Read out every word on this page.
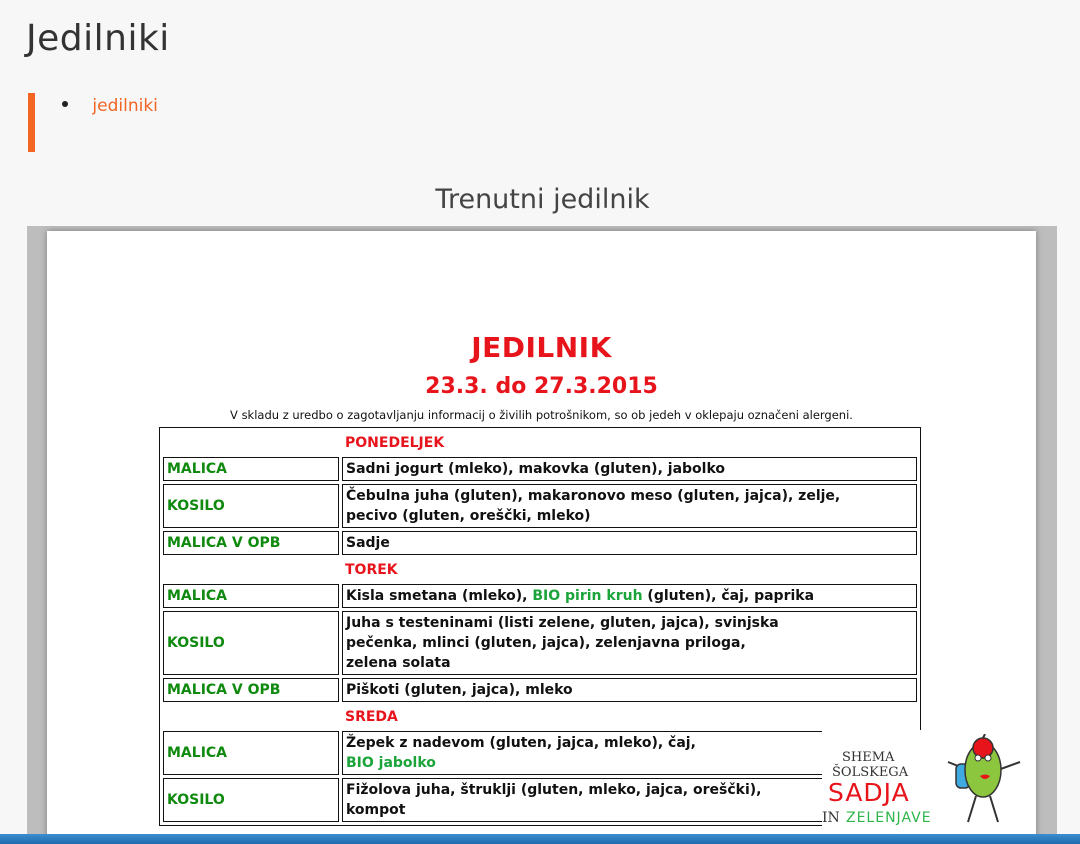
Jedilniki
jedilniki
Trenutni jedilnik

JEDILNIK

23.3. do 27.3.2015

V skladu z uredbo o zagotavljanju informacij o živilih potrošnikom, so ob jedeh v oklepaju označeni alergeni.

	PONEDELJEK
MALICA	Sadni jogurt (mleko), makovka (gluten), jabolko
KOSILO	Čebulna juha (gluten), makaronovo meso (gluten, jajca), zelje,
pecivo (gluten, oreščki, mleko)

MALICA V OPB	Sadje
	TOREK
MALICA	Kisla smetana (mleko), BIO pirin kruh (gluten), čaj, paprika
KOSILO	Juha s testeninami (listi zelene, gluten, jajca), svinjska
pečenka, mlinci (gluten, jajca), zelenjavna priloga,
zelena solata

MALICA V OPB	Piškoti (gluten, jajca), mleko
	SREDA
MALICA	Žepek z nadevom (gluten, jajca, mleko), čaj,
BIO jabolko

KOSILO	Fižolova juha, štruklji (gluten, mleko, jajca, oreščki),
kompot
SHEMA
ŠOLSKEGA
SADJA
IN ZELENJAVE
